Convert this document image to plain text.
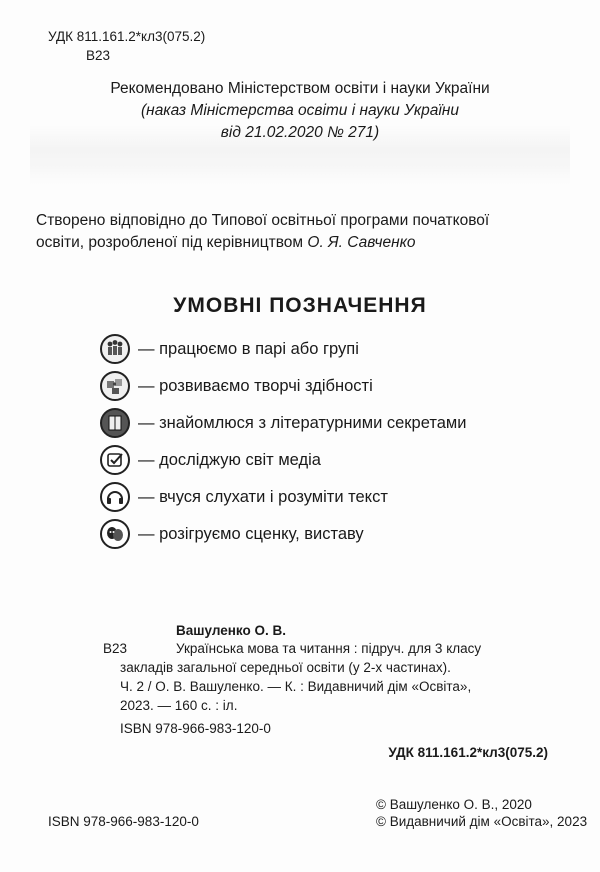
УДК 811.161.2*кл3(075.2)
В23
Рекомендовано Міністерством освіти і науки України
(наказ Міністерства освіти і науки України
від 21.02.2020 № 271)
Створено відповідно до Типової освітньої програми початкової
освіти, розробленої під керівництвом О. Я. Савченко
УМОВНІ ПОЗНАЧЕННЯ
— працюємо в парі або групі
— розвиваємо творчі здібності
— знайомлюся з літературними секретами
— досліджую світ медіа
— вчуся слухати і розуміти текст
— розігруємо сценку, виставу
Вашуленко О. В.
В23	Українська мова та читання : підруч. для 3 класу
закладів загальної середньої освіти (у 2-х частинах).
Ч. 2 / О. В. Вашуленко. — К. : Видавничий дім «Освіта»,
2023. — 160 с. : іл.
ISBN 978-966-983-120-0
УДК 811.161.2*кл3(075.2)
ISBN 978-966-983-120-0
© Вашуленко О. В., 2020
© Видавничий дім «Освіта», 2023
